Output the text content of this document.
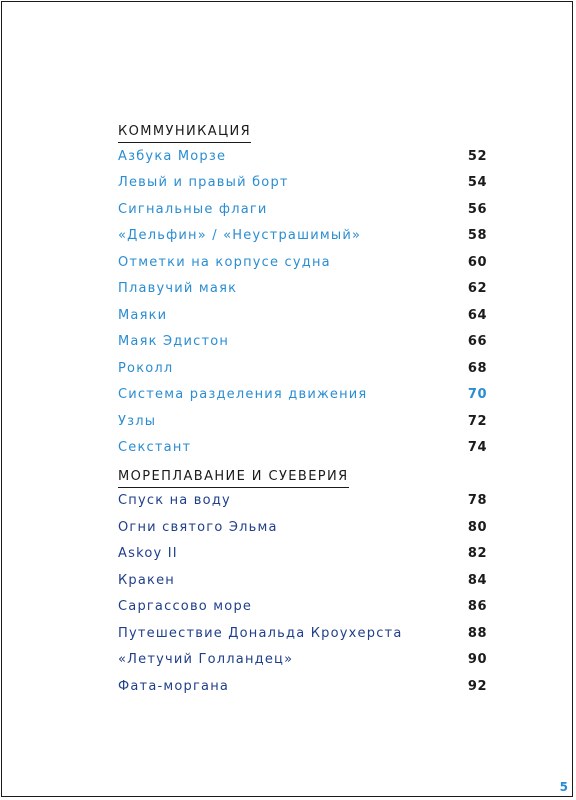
КОММУНИКАЦИЯ
Азбука Морзе	52
Левый и правый борт	54
Сигнальные флаги	56
«Дельфин» / «Неустрашимый»	58
Отметки на корпусе судна	60
Плавучий маяк	62
Маяки	64
Маяк Эдистон	66
Роколл	68
Система разделения движения	70
Узлы	72
Секстант	74
МОРЕПЛАВАНИЕ И СУЕВЕРИЯ
Спуск на воду	78
Огни святого Эльма	80
Askoy II	82
Кракен	84
Саргассово море	86
Путешествие Дональда Кроухерста	88
«Летучий Голландец»	90
Фата-моргана	92
5
